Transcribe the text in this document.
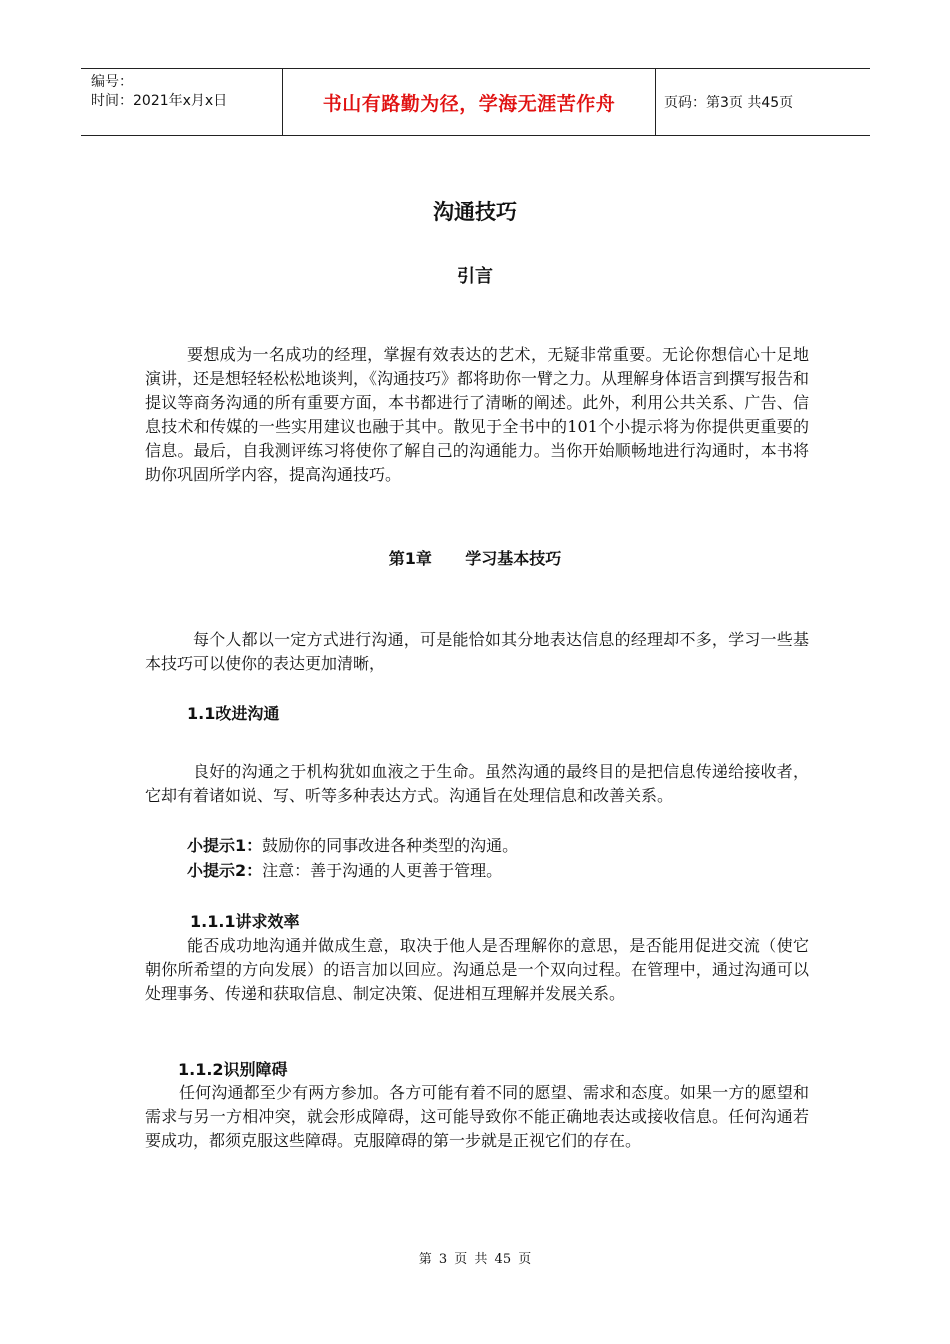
编号：
时间：2021年x月x日	书山有路勤为径，学海无涯苦作舟	页码：第3页 共45页
沟通技巧
引言

要想成为一名成功的经理，掌握有效表达的艺术，无疑非常重要。无论你想信心十足地演讲，还是想轻轻松松地谈判，《沟通技巧》都将助你一臂之力。从理解身体语言到撰写报告和提议等商务沟通的所有重要方面，本书都进行了清晰的阐述。此外，利用公共关系、广告、信息技术和传媒的一些实用建议也融于其中。散见于全书中的101个小提示将为你提供更重要的信息。最后，自我测评练习将使你了解自己的沟通能力。当你开始顺畅地进行沟通时，本书将助你巩固所学内容，提高沟通技巧。

第1章      学习基本技巧

每个人都以一定方式进行沟通，可是能恰如其分地表达信息的经理却不多，学习一些基本技巧可以使你的表达更加清晰，

1.1改进沟通

良好的沟通之于机构犹如血液之于生命。虽然沟通的最终目的是把信息传递给接收者，它却有着诸如说、写、听等多种表达方式。沟通旨在处理信息和改善关系。

小提示1：鼓励你的同事改进各种类型的沟通。
小提示2：注意：善于沟通的人更善于管理。
1.1.1讲求效率

能否成功地沟通并做成生意，取决于他人是否理解你的意思，是否能用促进交流（使它朝你所希望的方向发展）的语言加以回应。沟通总是一个双向过程。在管理中，通过沟通可以处理事务、传递和获取信息、制定决策、促进相互理解并发展关系。

1.1.2识别障碍

任何沟通都至少有两方参加。各方可能有着不同的愿望、需求和态度。如果一方的愿望和需求与另一方相冲突，就会形成障碍，这可能导致你不能正确地表达或接收信息。任何沟通若要成功，都须克服这些障碍。克服障碍的第一步就是正视它们的存在。

第 3 页 共 45 页
